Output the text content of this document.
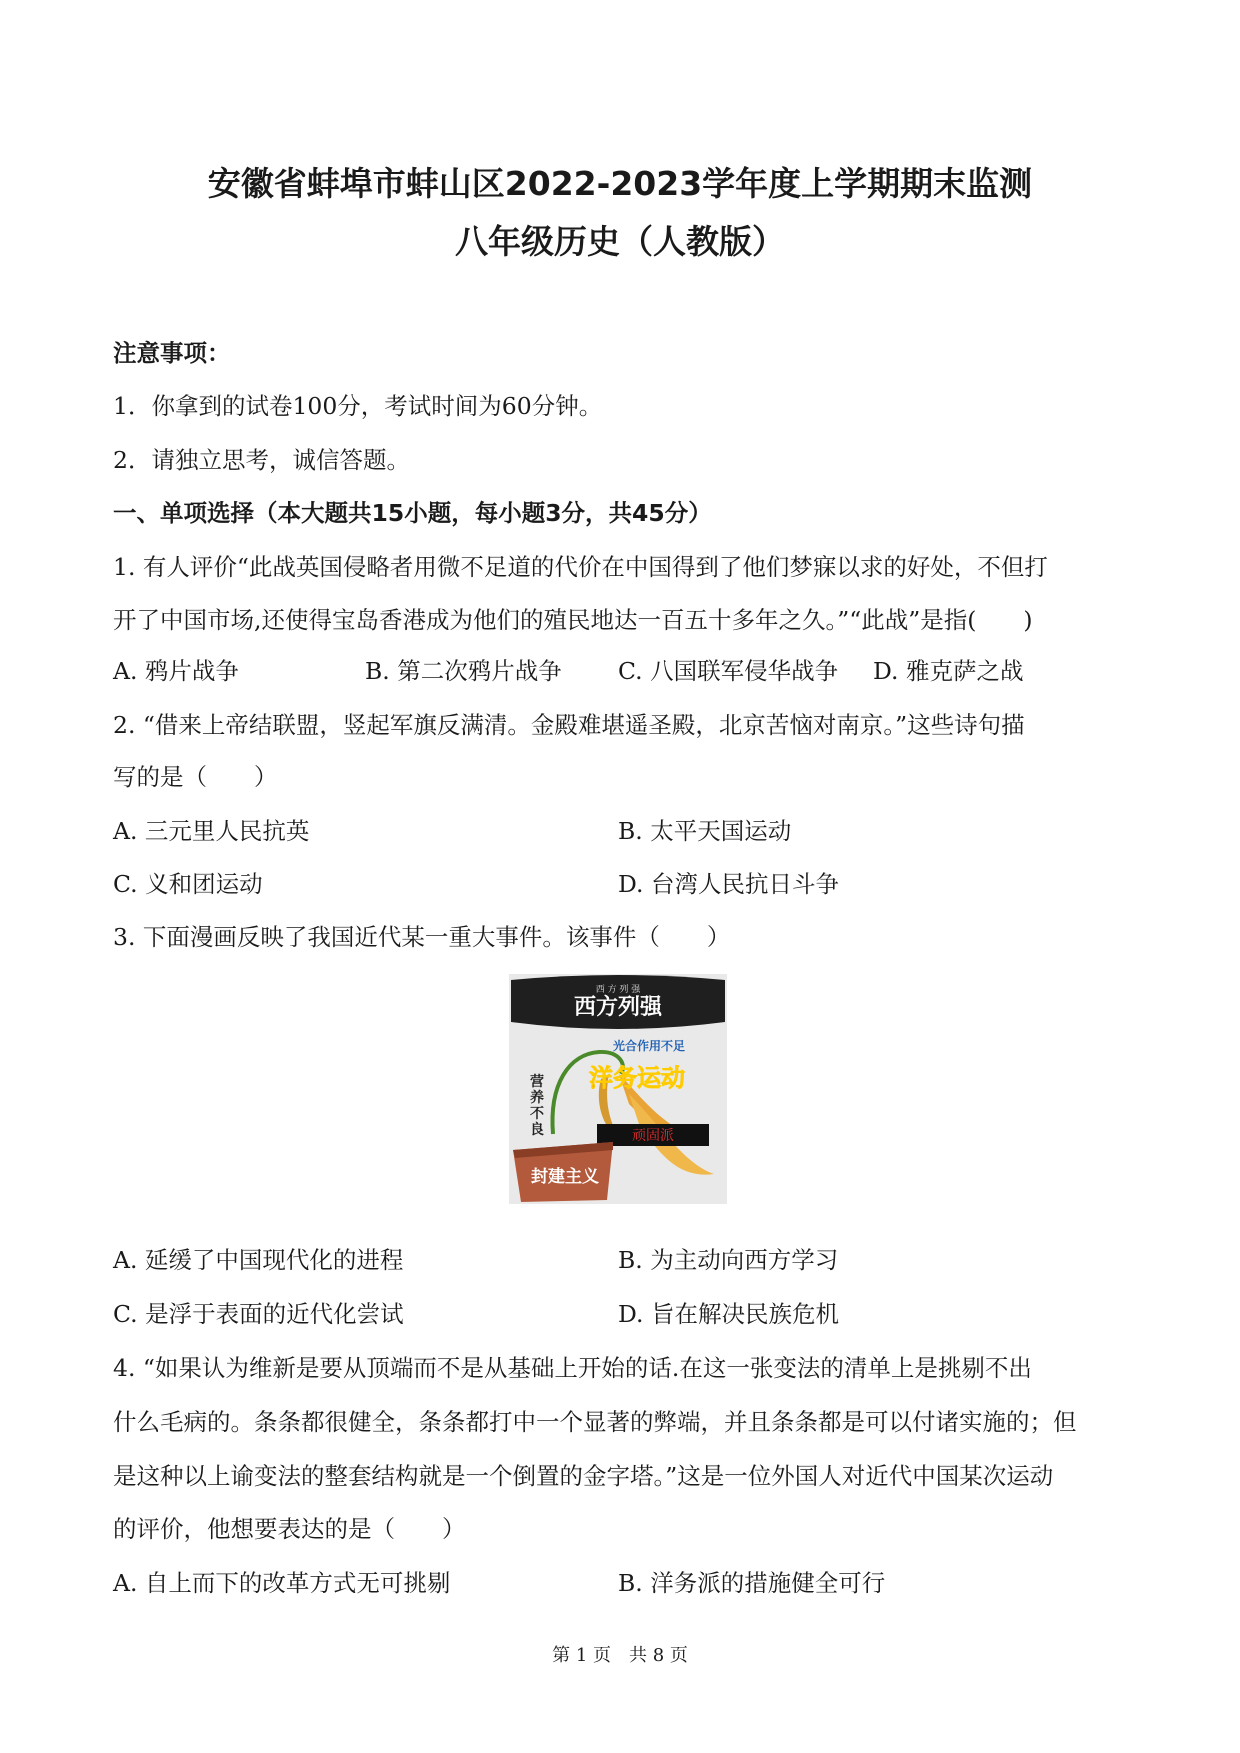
安徽省蚌埠市蚌山区2022-2023学年度上学期期末监测
八年级历史（人教版）
注意事项：
1．你拿到的试卷100分，考试时间为60分钟。
2．请独立思考，诚信答题。
一、单项选择（本大题共15小题，每小题3分，共45分）
1. 有人评价“此战英国侵略者用微不足道的代价在中国得到了他们梦寐以求的好处，不但打
开了中国市场,还使得宝岛香港成为他们的殖民地达一百五十多年之久。”“此战”是指(　　)
A. 鸦片战争	B. 第二次鸦片战争 C. 八国联军侵华战争 D. 雅克萨之战
2. “借来上帝结联盟，竖起军旗反满清。金殿难堪遥圣殿，北京苦恼对南京。”这些诗句描
写的是（　　）
A. 三元里人民抗英	B. 太平天国运动
C. 义和团运动	D. 台湾人民抗日斗争
3. 下面漫画反映了我国近代某一重大事件。该事件（　　）
西 方 列 强
西方列强
光合作用不足
洋务运动
营
养
不
良	顽固派
封建主义
A. 延缓了中国现代化的进程	B. 为主动向西方学习
C. 是浮于表面的近代化尝试	D. 旨在解决民族危机
4. “如果认为维新是要从顶端而不是从基础上开始的话.在这一张变法的清单上是挑剔不出
什么毛病的。条条都很健全，条条都打中一个显著的弊端，并且条条都是可以付诸实施的；但
是这种以上谕变法的整套结构就是一个倒置的金字塔。”这是一位外国人对近代中国某次运动
的评价，他想要表达的是（　　）
A. 自上而下的改革方式无可挑剔	B. 洋务派的措施健全可行
第 1 页　共 8 页
